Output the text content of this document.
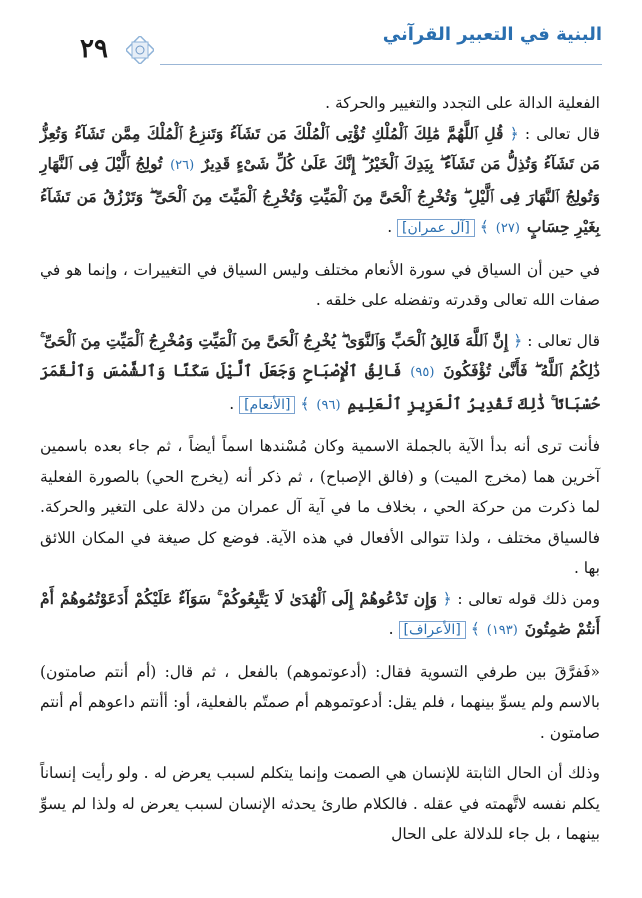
٢٩	البنية في التعبير القرآني

الفعلية الدالة على التجدد والتغيير والحركة .

قال تعالى : ﴿ قُلِ ٱللَّهُمَّ مَٰلِكَ ٱلْمُلْكِ تُؤْتِى ٱلْمُلْكَ مَن تَشَآءُ وَتَنزِعُ ٱلْمُلْكَ مِمَّن تَشَآءُ وَتُعِزُّ مَن تَشَآءُ وَتُذِلُّ مَن تَشَآءُ ۖ بِيَدِكَ ٱلْخَيْرُ ۖ إِنَّكَ عَلَىٰ كُلِّ شَىْءٍ قَدِيرٌ (٢٦) تُولِجُ ٱلَّيْلَ فِى ٱلنَّهَارِ وَتُولِجُ ٱلنَّهَارَ فِى ٱلَّيْلِ ۖ وَتُخْرِجُ ٱلْحَىَّ مِنَ ٱلْمَيِّتِ وَتُخْرِجُ ٱلْمَيِّتَ مِنَ ٱلْحَىِّ ۖ وَتَرْزُقُ مَن تَشَآءُ بِغَيْرِ حِسَابٍ (٢٧) ﴾ [آل عمران] .

في حين أن السياق في سورة الأنعام مختلف وليس السياق في التغييرات ، وإنما هو في صفات الله تعالى وقدرته وتفضله على خلقه .

قال تعالى : ﴿ إِنَّ ٱللَّهَ فَالِقُ ٱلْحَبِّ وَٱلنَّوَىٰ ۖ يُخْرِجُ ٱلْحَىَّ مِنَ ٱلْمَيِّتِ وَمُخْرِجُ ٱلْمَيِّتِ مِنَ ٱلْحَىِّ ۚ ذَٰلِكُمُ ٱللَّهُ ۖ فَأَنَّىٰ تُؤْفَكُونَ (٩٥) فَالِقُ ٱلْإِصْبَاحِ وَجَعَلَ ٱلَّيْلَ سَكَنًا وَٱلشَّمْسَ وَٱلْقَمَرَ حُسْبَانًا ۚ ذَٰلِكَ تَقْدِيرُ ٱلْعَزِيزِ ٱلْعَلِيمِ (٩٦) ﴾ [الأنعام] .

فأنت ترى أنه بدأ الآية بالجملة الاسمية وكان مُسْندها اسماً أيضاً ، ثم جاء بعده باسمين آخرين هما (مخرج الميت) و (فالق الإصباح) ، ثم ذكر أنه (يخرج الحي) بالصورة الفعلية لما ذكرت من حركة الحي ، بخلاف ما في آية آل عمران من دلالة على التغير والحركة. فالسياق مختلف ، ولذا تتوالى الأفعال في هذه الآية. فوضع كل صيغة في المكان اللائق بها .

ومن ذلك قوله تعالى : ﴿ وَإِن تَدْعُوهُمْ إِلَى ٱلْهُدَىٰ لَا يَتَّبِعُوكُمْ ۚ سَوَآءٌ عَلَيْكُمْ أَدَعَوْتُمُوهُمْ أَمْ أَنتُمْ صَٰمِتُونَ (١٩٣) ﴾ [الأعراف] .

«فَفرَّقَ بين طرفي التسوية فقال: (أدعوتموهم) بالفعل ، ثم قال: (أم أنتم صامتون) بالاسم ولم يسوِّ بينهما ، فلم يقل: أدعوتموهم أم صمتّم بالفعلية، أو: أأنتم داعوهم أم أنتم صامتون .

وذلك أن الحال الثابتة للإنسان هي الصمت وإنما يتكلم لسبب يعرض له . ولو رأيت إنساناً يكلم نفسه لاتَّهمته في عقله . فالكلام طارئ يحدثه الإنسان لسبب يعرض له ولذا لم يسوِّ بينهما ، بل جاء للدلالة على الحال
